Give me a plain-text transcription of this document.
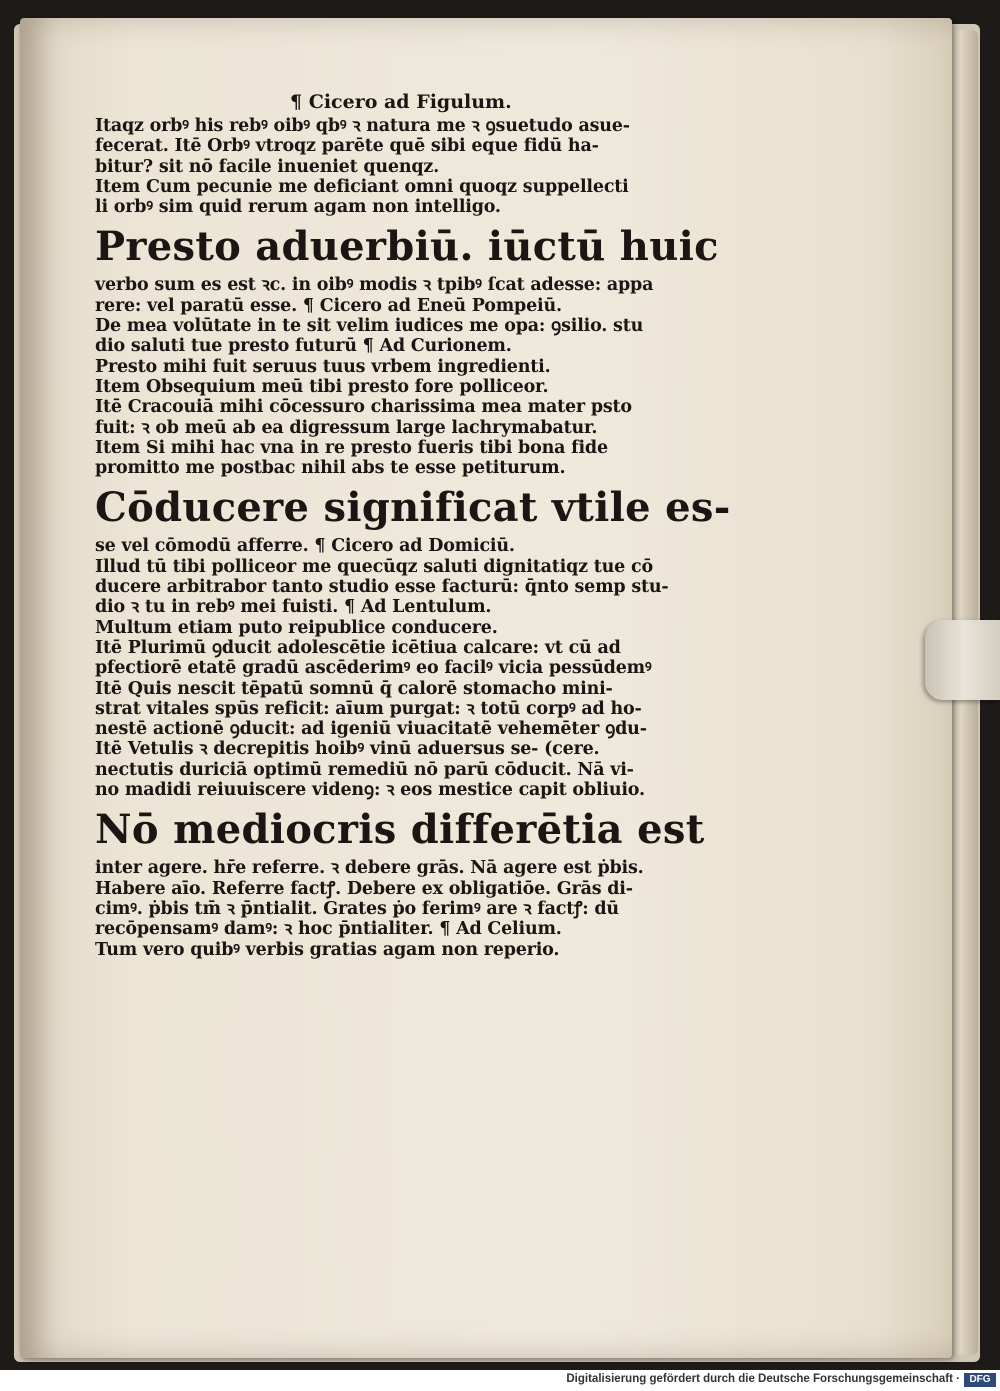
¶ Cicero ad Figulum.
Itaqz orbꝰ his rebꝰ oibꝰ qbꝰ ꝛ natura me ꝛ ꝯsuetudo asue-
fecerat. Itē Orbꝰ vtroqz parēte quē sibi eque fidū ha-
bitur? sit nō facile inueniet quenqz.
Item Cum pecunie me deficiant omni quoqz suppellecti
li orbꝰ sim quid rerum agam non intelligo.
Presto aduerbiū. iūctū huic
verbo sum es est ꝛc. in oibꝰ modis ꝛ tpibꝰ ſcat adesse: appa
rere: vel paratū esse. ¶ Cicero ad Eneū Pompeiū.
De mea volūtate in te sit velim iudices me opa: ꝯsilio. stu
dio saluti tue presto futurū ¶ Ad Curionem.
Presto mihi fuit seruus tuus vrbem ingredienti.
Item Obsequium meū tibi presto fore polliceor.
Itē Cracouiā mihi cōcessuro charissima mea mater psto
fuit: ꝛ ob meū ab ea digressum large lachrymabatur.
Item Si mihi hac vna in re presto fueris tibi bona fide
promitto me postbac nihil abs te esse petiturum.
Cōducere significat vtile es-
se vel cōmodū afferre. ¶ Cicero ad Domiciū.
Illud tū tibi polliceor me quecūqz saluti dignitatiqz tue cō
ducere arbitrabor tanto studio esse facturū: q̄nto semp stu-
dio ꝛ tu in rebꝰ mei fuisti. ¶ Ad Lentulum.
Multum etiam puto reipublice conducere.
Itē Plurimū ꝯducit adolescētie icētiua calcare: vt cū ad
pfectiorē etatē gradū ascēderimꝰ eo facilꝰ vicia pessūdemꝰ
Itē Quis nescit tēpatū somnū q̄ calorē stomacho mini-
strat vitales spūs reficit: aīum purgat: ꝛ totū corpꝰ ad ho-
nestē actionē ꝯducit: ad igeniū viuacitatē vehemēter ꝯdu-
Itē Vetulis ꝛ decrepitis hoibꝰ vinū aduersus se- (cere.
nectutis duriciā optimū remediū nō parū cōducit. Nā vi-
no madidi reiuuiscere videnꝯ: ꝛ eos mestice capit obliuio.
Nō mediocris differētia est
inter agere. hr̄e referre. ꝛ debere grās. Nā agere est ṗbis.
Habere aīo. Referre factꝭ. Debere ex obligatiōe. Grās di-
cimꝰ. ṗbis tm̄ ꝛ p̄ntialit. Grates ṗo ferimꝰ are ꝛ factꝭ: dū
recōpensamꝰ damꝰ: ꝛ hoc p̄ntialiter. ¶ Ad Celium.
Tum vero quibꝰ verbis gratias agam non reperio.
Digitalisierung gefördert durch die Deutsche Forschungsgemeinschaft · DFG
